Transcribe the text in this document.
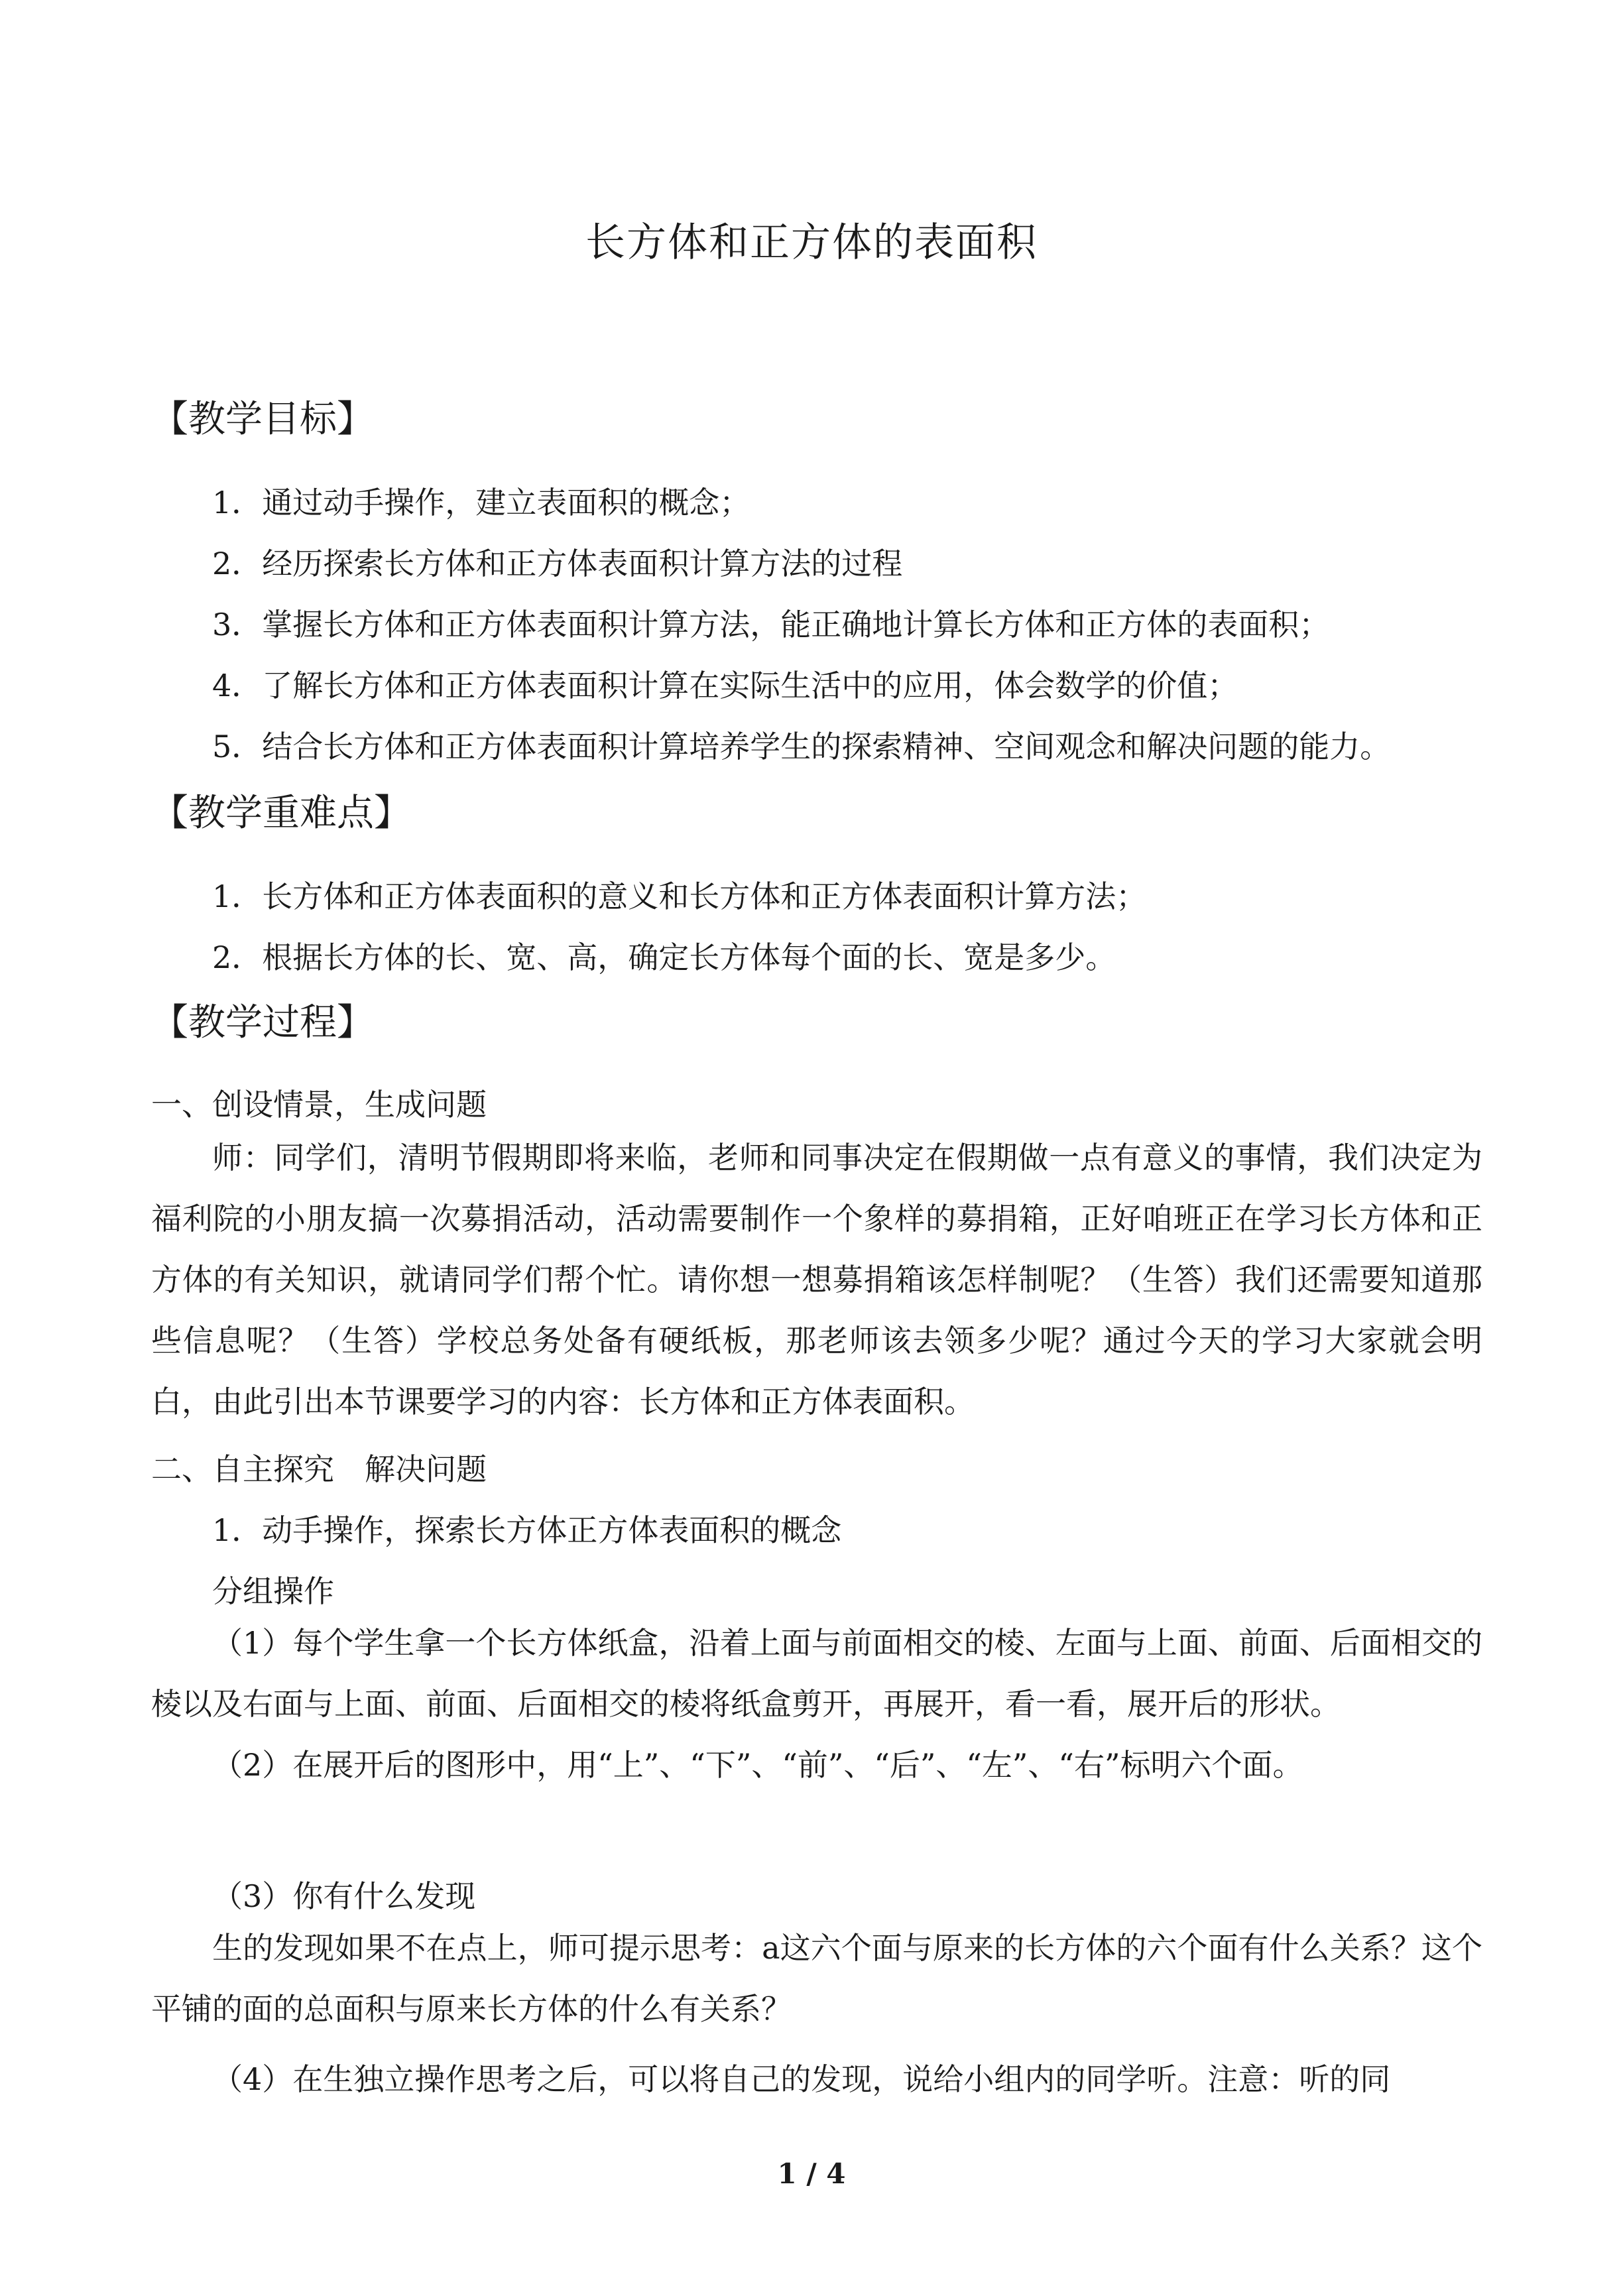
长方体和正方体的表面积
【教学目标】
1．通过动手操作，建立表面积的概念；
2．经历探索长方体和正方体表面积计算方法的过程
3．掌握长方体和正方体表面积计算方法，能正确地计算长方体和正方体的表面积；
4．了解长方体和正方体表面积计算在实际生活中的应用，体会数学的价值；
5．结合长方体和正方体表面积计算培养学生的探索精神、空间观念和解决问题的能力。
【教学重难点】
1．长方体和正方体表面积的意义和长方体和正方体表面积计算方法；
2．根据长方体的长、宽、高，确定长方体每个面的长、宽是多少。
【教学过程】
一、创设情景，生成问题
师：同学们，清明节假期即将来临，老师和同事决定在假期做一点有意义的事情，我们决定为福利院的小朋友搞一次募捐活动，活动需要制作一个象样的募捐箱，正好咱班正在学习长方体和正方体的有关知识，就请同学们帮个忙。请你想一想募捐箱该怎样制呢？（生答）我们还需要知道那些信息呢？（生答）学校总务处备有硬纸板，那老师该去领多少呢？通过今天的学习大家就会明白，由此引出本节课要学习的内容：长方体和正方体表面积。
二、自主探究　解决问题
1．动手操作，探索长方体正方体表面积的概念
分组操作
（1）每个学生拿一个长方体纸盒，沿着上面与前面相交的棱、左面与上面、前面、后面相交的棱以及右面与上面、前面、后面相交的棱将纸盒剪开，再展开，看一看，展开后的形状。
（2）在展开后的图形中，用“上”、“下”、“前”、“后”、“左”、“右”标明六个面。
（3）你有什么发现
生的发现如果不在点上，师可提示思考：a这六个面与原来的长方体的六个面有什么关系？这个平铺的面的总面积与原来长方体的什么有关系？
（4）在生独立操作思考之后，可以将自己的发现，说给小组内的同学听。注意：听的同
1 / 4
